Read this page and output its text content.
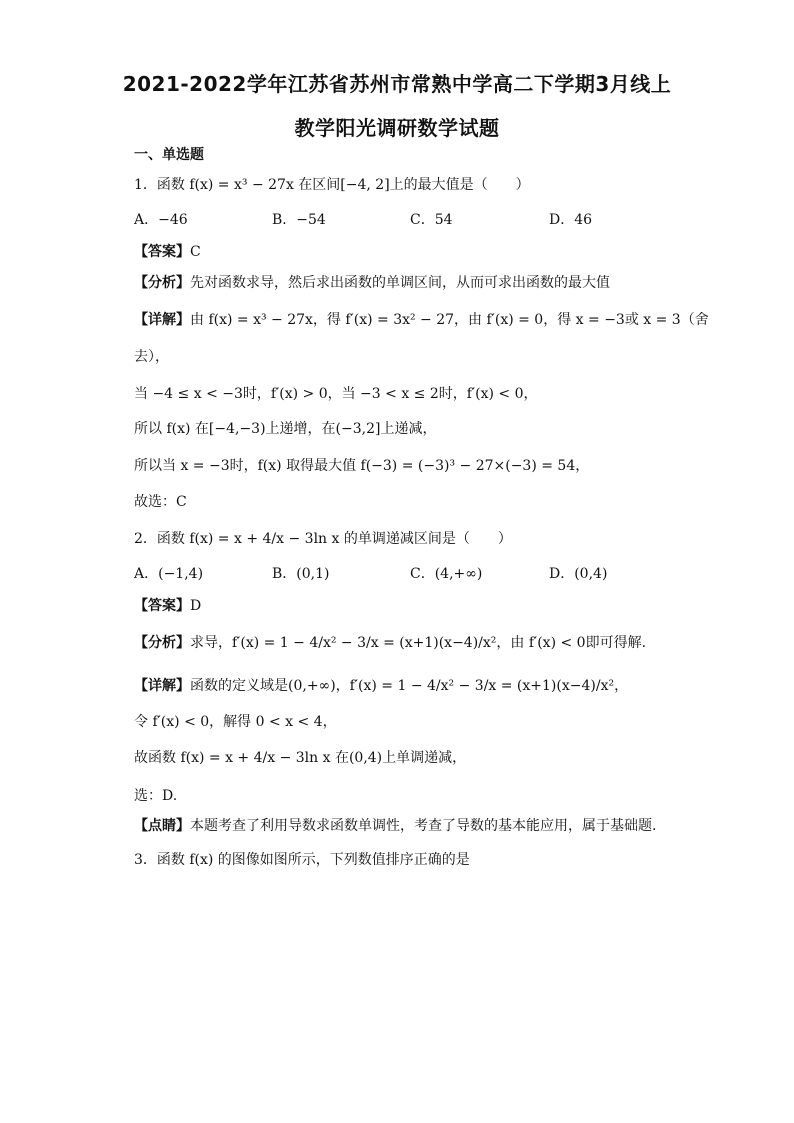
2021-2022学年江苏省苏州市常熟中学高二下学期3月线上
教学阳光调研数学试题
一、单选题
1．函数 f(x) = x³ − 27x 在区间[−4, 2]上的最大值是（　　）
A．−46	B．−54	C．54	D．46
【答案】C
【分析】先对函数求导，然后求出函数的单调区间，从而可求出函数的最大值
【详解】由 f(x) = x³ − 27x，得 f′(x) = 3x² − 27，由 f′(x) = 0，得 x = −3或 x = 3（舍
去），
当 −4 ≤ x < −3时，f′(x) > 0，当 −3 < x ≤ 2时，f′(x) < 0，
所以 f(x) 在[−4,−3)上递增，在(−3,2]上递减，
所以当 x = −3时，f(x) 取得最大值 f(−3) = (−3)³ − 27×(−3) = 54，
故选：C
2．函数 f(x) = x + 4/x − 3ln x 的单调递减区间是（　　）
A．(−1,4)	B．(0,1)	C．(4,+∞)	D．(0,4)
【答案】D
【分析】求导，f′(x) = 1 − 4/x² − 3/x = (x+1)(x−4)/x²，由 f′(x) < 0即可得解.
【详解】函数的定义域是(0,+∞)，f′(x) = 1 − 4/x² − 3/x = (x+1)(x−4)/x²，
令 f′(x) < 0，解得 0 < x < 4，
故函数 f(x) = x + 4/x − 3ln x 在(0,4)上单调递减，
选：D.
【点睛】本题考查了利用导数求函数单调性，考查了导数的基本能应用，属于基础题.
3．函数 f(x) 的图像如图所示，下列数值排序正确的是
